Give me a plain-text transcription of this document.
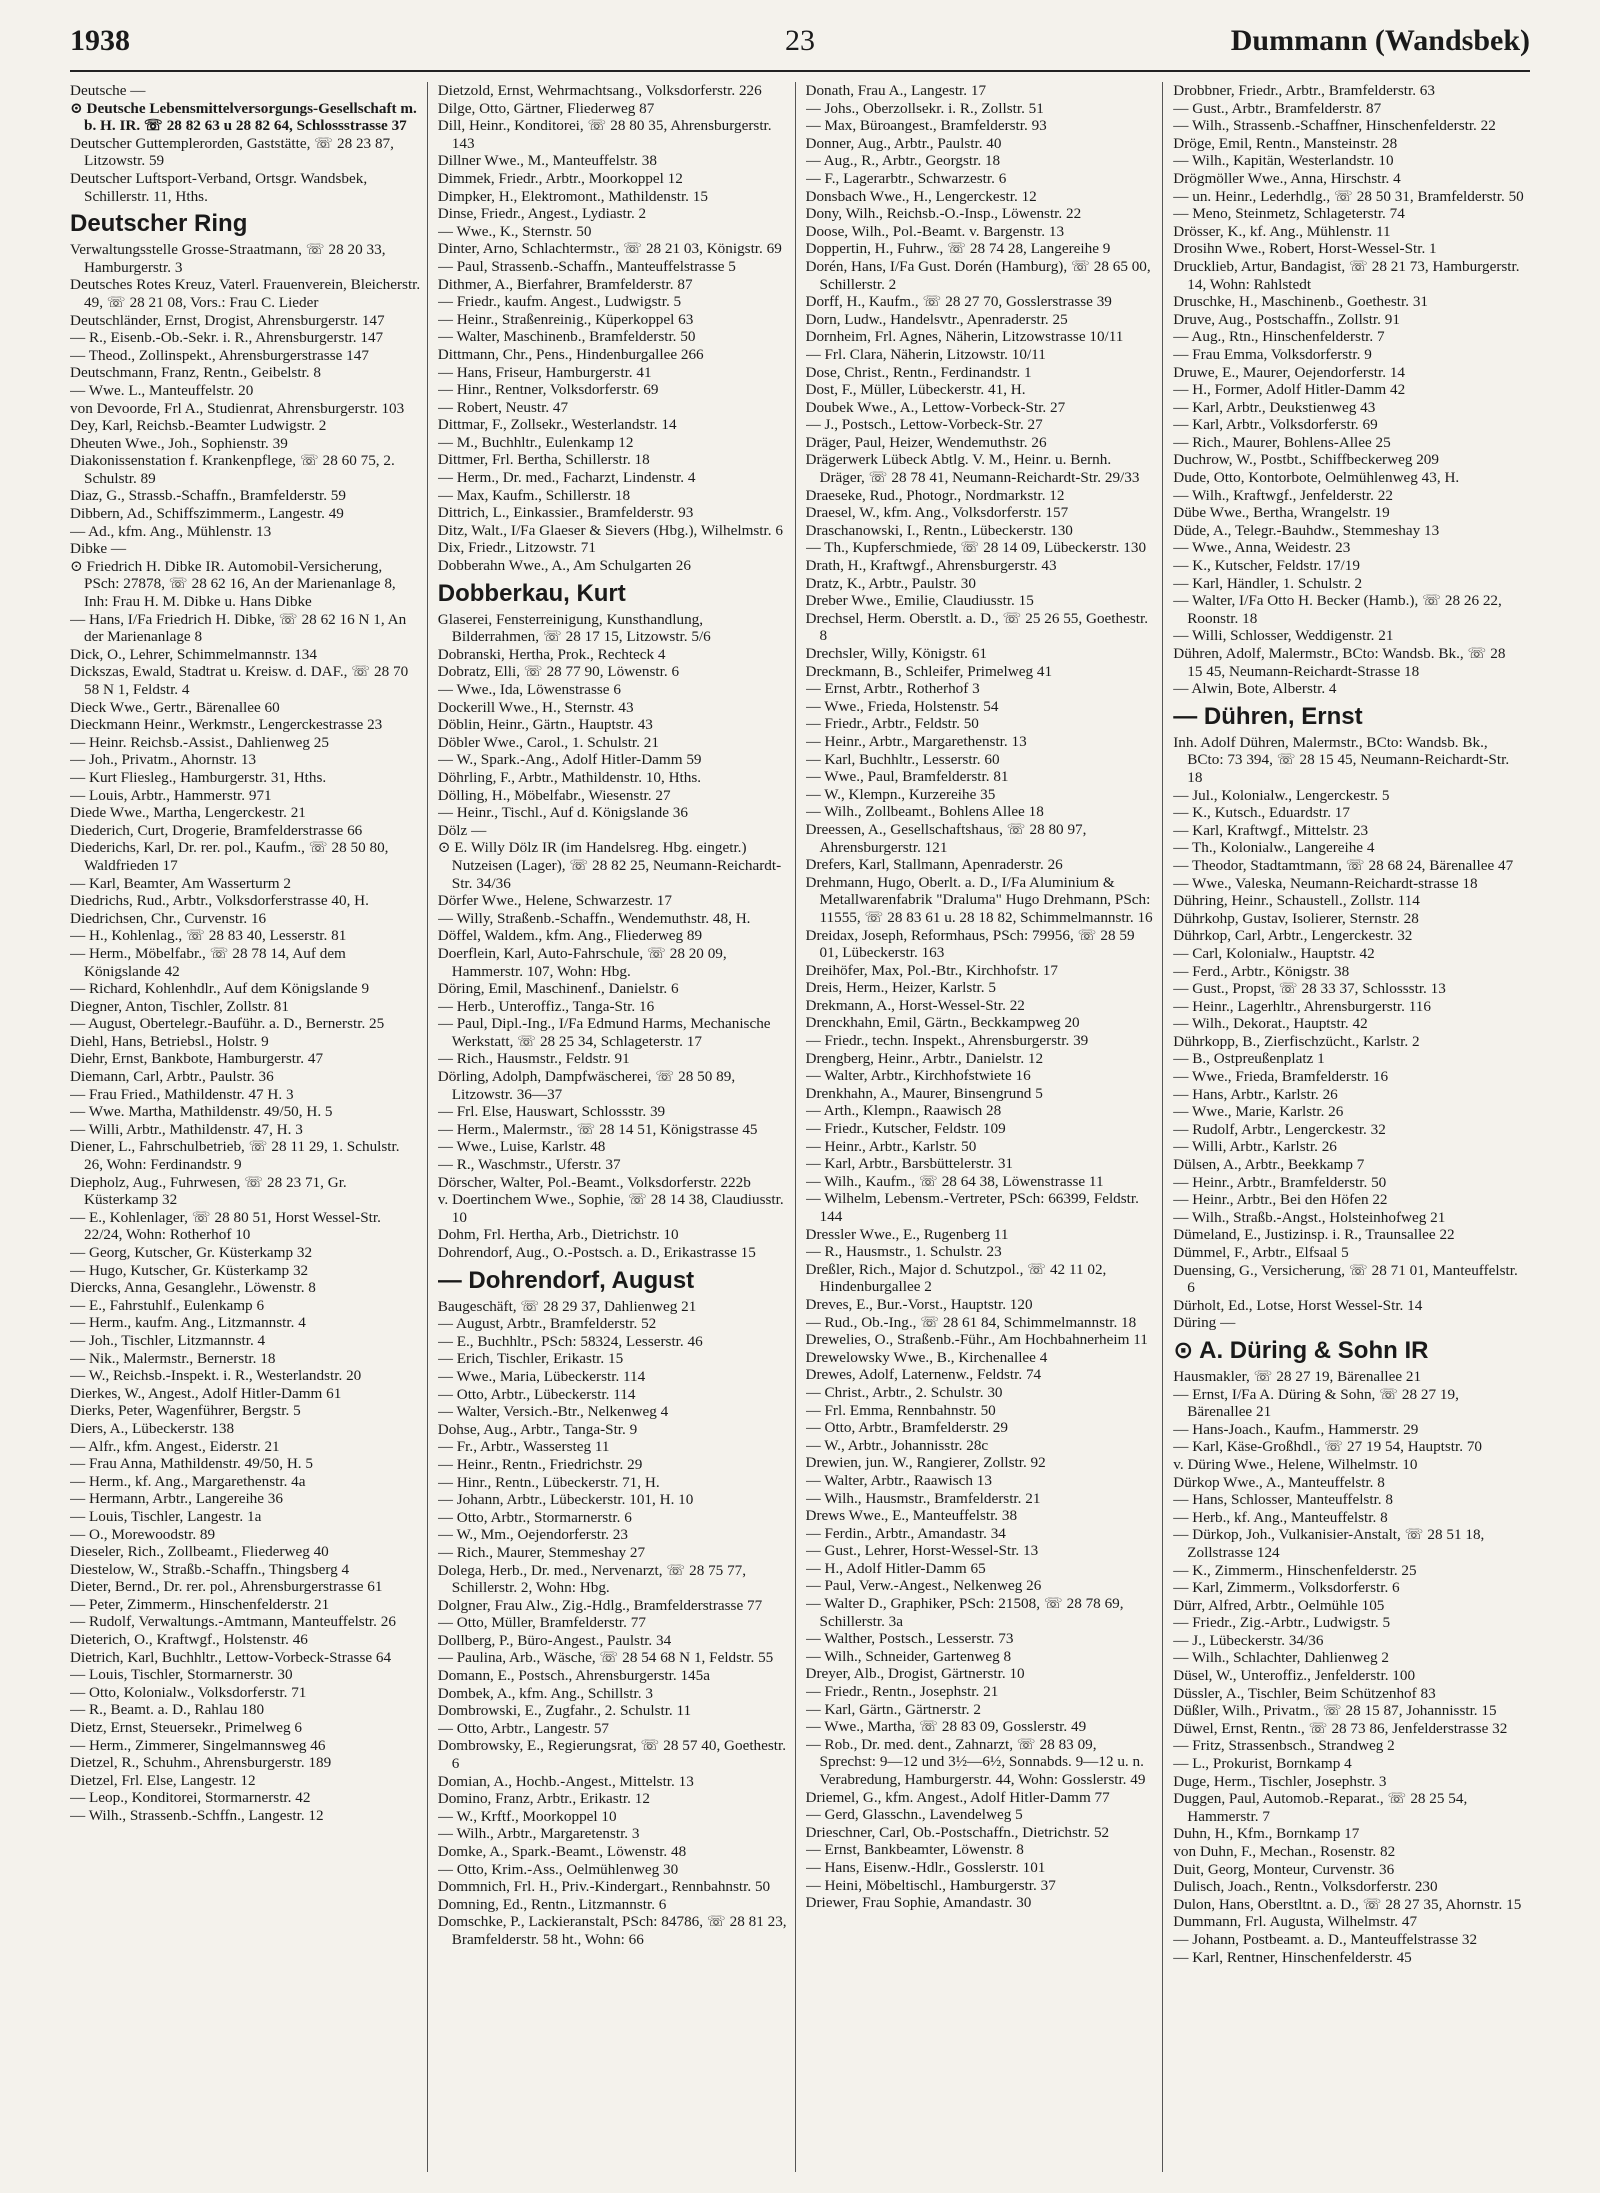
1938	23	Dummann (Wandsbek)
Deutsche —
⊙ Deutsche Lebensmittelversorgungs-Gesellschaft m. b. H. IR. ☏ 28 82 63 u 28 82 64, Schlossstrasse 37
Deutscher Guttemplerorden, Gaststätte, ☏ 28 23 87, Litzowstr. 59
Deutscher Luftsport-Verband, Ortsgr. Wandsbek, Schillerstr. 11, Hths.
Deutscher Ring
Verwaltungsstelle Grosse-Straatmann, ☏ 28 20 33, Hamburgerstr. 3
Deutsches Rotes Kreuz, Vaterl. Frauenverein, Bleicherstr. 49, ☏ 28 21 08, Vors.: Frau C. Lieder
Deutschländer, Ernst, Drogist, Ahrensburgerstr. 147
— R., Eisenb.-Ob.-Sekr. i. R., Ahrensburgerstr. 147
— Theod., Zollinspekt., Ahrensburgerstrasse 147
Deutschmann, Franz, Rentn., Geibelstr. 8
— Wwe. L., Manteuffelstr. 20
von Devoorde, Frl A., Studienrat, Ahrensburgerstr. 103
Dey, Karl, Reichsb.-Beamter Ludwigstr. 2
Dheuten Wwe., Joh., Sophienstr. 39
Diakonissenstation f. Krankenpflege, ☏ 28 60 75, 2. Schulstr. 89
Diaz, G., Strassb.-Schaffn., Bramfelderstr. 59
Dibbern, Ad., Schiffszimmerm., Langestr. 49
— Ad., kfm. Ang., Mühlenstr. 13
Dibke —
⊙ Friedrich H. Dibke IR. Automobil-Versicherung, PSch: 27878, ☏ 28 62 16, An der Marienanlage 8, Inh: Frau H. M. Dibke u. Hans Dibke
— Hans, I/Fa Friedrich H. Dibke, ☏ 28 62 16 N 1, An der Marienanlage 8
Dick, O., Lehrer, Schimmelmannstr. 134
Dickszas, Ewald, Stadtrat u. Kreisw. d. DAF., ☏ 28 70 58 N 1, Feldstr. 4
Dieck Wwe., Gertr., Bärenallee 60
Dieckmann Heinr., Werkmstr., Lengerckestrasse 23
— Heinr. Reichsb.-Assist., Dahlienweg 25
— Joh., Privatm., Ahornstr. 13
— Kurt Fliesleg., Hamburgerstr. 31, Hths.
— Louis, Arbtr., Hammerstr. 971
Diede Wwe., Martha, Lengerckestr. 21
Diederich, Curt, Drogerie, Bramfelderstrasse 66
Diederichs, Karl, Dr. rer. pol., Kaufm., ☏ 28 50 80, Waldfrieden 17
— Karl, Beamter, Am Wasserturm 2
Diedrichs, Rud., Arbtr., Volksdorferstrasse 40, H.
Diedrichsen, Chr., Curvenstr. 16
— H., Kohlenlag., ☏ 28 83 40, Lesserstr. 81
— Herm., Möbelfabr., ☏ 28 78 14, Auf dem Königslande 42
— Richard, Kohlenhdlr., Auf dem Königslande 9
Diegner, Anton, Tischler, Zollstr. 81
— August, Obertelegr.-Bauführ. a. D., Bernerstr. 25
Diehl, Hans, Betriebsl., Holstr. 9
Diehr, Ernst, Bankbote, Hamburgerstr. 47
Diemann, Carl, Arbtr., Paulstr. 36
— Frau Fried., Mathildenstr. 47 H. 3
— Wwe. Martha, Mathildenstr. 49/50, H. 5
— Willi, Arbtr., Mathildenstr. 47, H. 3
Diener, L., Fahrschulbetrieb, ☏ 28 11 29, 1. Schulstr. 26, Wohn: Ferdinandstr. 9
Diepholz, Aug., Fuhrwesen, ☏ 28 23 71, Gr. Küsterkamp 32
— E., Kohlenlager, ☏ 28 80 51, Horst Wessel-Str. 22/24, Wohn: Rotherhof 10
— Georg, Kutscher, Gr. Küsterkamp 32
— Hugo, Kutscher, Gr. Küsterkamp 32
Diercks, Anna, Gesanglehr., Löwenstr. 8
— E., Fahrstuhlf., Eulenkamp 6
— Herm., kaufm. Ang., Litzmannstr. 4
— Joh., Tischler, Litzmannstr. 4
— Nik., Malermstr., Bernerstr. 18
— W., Reichsb.-Inspekt. i. R., Westerlandstr. 20
Dierkes, W., Angest., Adolf Hitler-Damm 61
Dierks, Peter, Wagenführer, Bergstr. 5
Diers, A., Lübeckerstr. 138
— Alfr., kfm. Angest., Eiderstr. 21
— Frau Anna, Mathildenstr. 49/50, H. 5
— Herm., kf. Ang., Margarethenstr. 4a
— Hermann, Arbtr., Langereihe 36
— Louis, Tischler, Langestr. 1a
— O., Morewoodstr. 89
Dieseler, Rich., Zollbeamt., Fliederweg 40
Diestelow, W., Straßb.-Schaffn., Thingsberg 4
Dieter, Bernd., Dr. rer. pol., Ahrensburgerstrasse 61
— Peter, Zimmerm., Hinschenfelderstr. 21
— Rudolf, Verwaltungs.-Amtmann, Manteuffelstr. 26
Dieterich, O., Kraftwgf., Holstenstr. 46
Dietrich, Karl, Buchhltr., Lettow-Vorbeck-Strasse 64
— Louis, Tischler, Stormarnerstr. 30
— Otto, Kolonialw., Volksdorferstr. 71
— R., Beamt. a. D., Rahlau 180
Dietz, Ernst, Steuersekr., Primelweg 6
— Herm., Zimmerer, Singelmannsweg 46
Dietzel, R., Schuhm., Ahrensburgerstr. 189
Dietzel, Frl. Else, Langestr. 12
— Leop., Konditorei, Stormarnerstr. 42
— Wilh., Strassenb.-Schffn., Langestr. 12
Dietzold, Ernst, Wehrmachtsang., Volksdorferstr. 226
Dilge, Otto, Gärtner, Fliederweg 87
Dill, Heinr., Konditorei, ☏ 28 80 35, Ahrensburgerstr. 143
Dillner Wwe., M., Manteuffelstr. 38
Dimmek, Friedr., Arbtr., Moorkoppel 12
Dimpker, H., Elektromont., Mathildenstr. 15
Dinse, Friedr., Angest., Lydiastr. 2
— Wwe., K., Sternstr. 50
Dinter, Arno, Schlachtermstr., ☏ 28 21 03, Königstr. 69
— Paul, Strassenb.-Schaffn., Manteuffelstrasse 5
Dithmer, A., Bierfahrer, Bramfelderstr. 87
— Friedr., kaufm. Angest., Ludwigstr. 5
— Heinr., Straßenreinig., Küperkoppel 63
— Walter, Maschinenb., Bramfelderstr. 50
Dittmann, Chr., Pens., Hindenburgallee 266
— Hans, Friseur, Hamburgerstr. 41
— Hinr., Rentner, Volksdorferstr. 69
— Robert, Neustr. 47
Dittmar, F., Zollsekr., Westerlandstr. 14
— M., Buchhltr., Eulenkamp 12
Dittmer, Frl. Bertha, Schillerstr. 18
— Herm., Dr. med., Facharzt, Lindenstr. 4
— Max, Kaufm., Schillerstr. 18
Dittrich, L., Einkassier., Bramfelderstr. 93
Ditz, Walt., I/Fa Glaeser & Sievers (Hbg.), Wilhelmstr. 6
Dix, Friedr., Litzowstr. 71
Dobberahn Wwe., A., Am Schulgarten 26
Dobberkau, Kurt
Glaserei, Fensterreinigung, Kunsthandlung, Bilderrahmen, ☏ 28 17 15, Litzowstr. 5/6
Dobranski, Hertha, Prok., Rechteck 4
Dobratz, Elli, ☏ 28 77 90, Löwenstr. 6
— Wwe., Ida, Löwenstrasse 6
Dockerill Wwe., H., Sternstr. 43
Döblin, Heinr., Gärtn., Hauptstr. 43
Döbler Wwe., Carol., 1. Schulstr. 21
— W., Spark.-Ang., Adolf Hitler-Damm 59
Döhrling, F., Arbtr., Mathildenstr. 10, Hths.
Dölling, H., Möbelfabr., Wiesenstr. 27
— Heinr., Tischl., Auf d. Königslande 36
Dölz —
⊙ E. Willy Dölz IR (im Handelsreg. Hbg. eingetr.) Nutzeisen (Lager), ☏ 28 82 25, Neumann-Reichardt-Str. 34/36
Dörfer Wwe., Helene, Schwarzestr. 17
— Willy, Straßenb.-Schaffn., Wendemuthstr. 48, H.
Döffel, Waldem., kfm. Ang., Fliederweg 89
Doerflein, Karl, Auto-Fahrschule, ☏ 28 20 09, Hammerstr. 107, Wohn: Hbg.
Döring, Emil, Maschinenf., Danielstr. 6
— Herb., Unteroffiz., Tanga-Str. 16
— Paul, Dipl.-Ing., I/Fa Edmund Harms, Mechanische Werkstatt, ☏ 28 25 34, Schlageterstr. 17
— Rich., Hausmstr., Feldstr. 91
Dörling, Adolph, Dampfwäscherei, ☏ 28 50 89, Litzowstr. 36—37
— Frl. Else, Hauswart, Schlossstr. 39
— Herm., Malermstr., ☏ 28 14 51, Königstrasse 45
— Wwe., Luise, Karlstr. 48
— R., Waschmstr., Uferstr. 37
Dörscher, Walter, Pol.-Beamt., Volksdorferstr. 222b
v. Doertinchem Wwe., Sophie, ☏ 28 14 38, Claudiusstr. 10
Dohm, Frl. Hertha, Arb., Dietrichstr. 10
Dohrendorf, Aug., O.-Postsch. a. D., Erikastrasse 15
— Dohrendorf, August
Baugeschäft, ☏ 28 29 37, Dahlienweg 21
— August, Arbtr., Bramfelderstr. 52
— E., Buchhltr., PSch: 58324, Lesserstr. 46
— Erich, Tischler, Erikastr. 15
— Wwe., Maria, Lübeckerstr. 114
— Otto, Arbtr., Lübeckerstr. 114
— Walter, Versich.-Btr., Nelkenweg 4
Dohse, Aug., Arbtr., Tanga-Str. 9
— Fr., Arbtr., Wassersteg 11
— Heinr., Rentn., Friedrichstr. 29
— Hinr., Rentn., Lübeckerstr. 71, H.
— Johann, Arbtr., Lübeckerstr. 101, H. 10
— Otto, Arbtr., Stormarnerstr. 6
— W., Mm., Oejendorferstr. 23
— Rich., Maurer, Stemmeshay 27
Dolega, Herb., Dr. med., Nervenarzt, ☏ 28 75 77, Schillerstr. 2, Wohn: Hbg.
Dolgner, Frau Alw., Zig.-Hdlg., Bramfelderstrasse 77
— Otto, Müller, Bramfelderstr. 77
Dollberg, P., Büro-Angest., Paulstr. 34
— Paulina, Arb., Wäsche, ☏ 28 54 68 N 1, Feldstr. 55
Domann, E., Postsch., Ahrensburgerstr. 145a
Dombek, A., kfm. Ang., Schillstr. 3
Dombrowski, E., Zugfahr., 2. Schulstr. 11
— Otto, Arbtr., Langestr. 57
Dombrowsky, E., Regierungsrat, ☏ 28 57 40, Goethestr. 6
Domian, A., Hochb.-Angest., Mittelstr. 13
Domino, Franz, Arbtr., Erikastr. 12
— W., Krftf., Moorkoppel 10
— Wilh., Arbtr., Margaretenstr. 3
Domke, A., Spark.-Beamt., Löwenstr. 48
— Otto, Krim.-Ass., Oelmühlenweg 30
Dommnich, Frl. H., Priv.-Kindergart., Rennbahnstr. 50
Domning, Ed., Rentn., Litzmannstr. 6
Domschke, P., Lackieranstalt, PSch: 84786, ☏ 28 81 23, Bramfelderstr. 58 ht., Wohn: 66
Donath, Frau A., Langestr. 17
— Johs., Oberzollsekr. i. R., Zollstr. 51
— Max, Büroangest., Bramfelderstr. 93
Donner, Aug., Arbtr., Paulstr. 40
— Aug., R., Arbtr., Georgstr. 18
— F., Lagerarbtr., Schwarzestr. 6
Donsbach Wwe., H., Lengerckestr. 12
Dony, Wilh., Reichsb.-O.-Insp., Löwenstr. 22
Doose, Wilh., Pol.-Beamt. v. Bargenstr. 13
Doppertin, H., Fuhrw., ☏ 28 74 28, Langereihe 9
Dorén, Hans, I/Fa Gust. Dorén (Hamburg), ☏ 28 65 00, Schillerstr. 2
Dorff, H., Kaufm., ☏ 28 27 70, Gosslerstrasse 39
Dorn, Ludw., Handelsvtr., Apenraderstr. 25
Dornheim, Frl. Agnes, Näherin, Litzowstrasse 10/11
— Frl. Clara, Näherin, Litzowstr. 10/11
Dose, Christ., Rentn., Ferdinandstr. 1
Dost, F., Müller, Lübeckerstr. 41, H.
Doubek Wwe., A., Lettow-Vorbeck-Str. 27
— J., Postsch., Lettow-Vorbeck-Str. 27
Dräger, Paul, Heizer, Wendemuthstr. 26
Drägerwerk Lübeck Abtlg. V. M., Heinr. u. Bernh. Dräger, ☏ 28 78 41, Neumann-Reichardt-Str. 29/33
Draeseke, Rud., Photogr., Nordmarkstr. 12
Draesel, W., kfm. Ang., Volksdorferstr. 157
Draschanowski, I., Rentn., Lübeckerstr. 130
— Th., Kupferschmiede, ☏ 28 14 09, Lübeckerstr. 130
Drath, H., Kraftwgf., Ahrensburgerstr. 43
Dratz, K., Arbtr., Paulstr. 30
Dreber Wwe., Emilie, Claudiusstr. 15
Drechsel, Herm. Oberstlt. a. D., ☏ 25 26 55, Goethestr. 8
Drechsler, Willy, Königstr. 61
Dreckmann, B., Schleifer, Primelweg 41
— Ernst, Arbtr., Rotherhof 3
— Wwe., Frieda, Holstenstr. 54
— Friedr., Arbtr., Feldstr. 50
— Heinr., Arbtr., Margarethenstr. 13
— Karl, Buchhltr., Lesserstr. 60
— Wwe., Paul, Bramfelderstr. 81
— W., Klempn., Kurzereihe 35
— Wilh., Zollbeamt., Bohlens Allee 18
Dreessen, A., Gesellschaftshaus, ☏ 28 80 97, Ahrensburgerstr. 121
Drefers, Karl, Stallmann, Apenraderstr. 26
Drehmann, Hugo, Oberlt. a. D., I/Fa Aluminium & Metallwarenfabrik "Draluma" Hugo Drehmann, PSch: 11555, ☏ 28 83 61 u. 28 18 82, Schimmelmannstr. 16
Dreidax, Joseph, Reformhaus, PSch: 79956, ☏ 28 59 01, Lübeckerstr. 163
Dreihöfer, Max, Pol.-Btr., Kirchhofstr. 17
Dreis, Herm., Heizer, Karlstr. 5
Drekmann, A., Horst-Wessel-Str. 22
Drenckhahn, Emil, Gärtn., Beckkampweg 20
— Friedr., techn. Inspekt., Ahrensburgerstr. 39
Drengberg, Heinr., Arbtr., Danielstr. 12
— Walter, Arbtr., Kirchhofstwiete 16
Drenkhahn, A., Maurer, Binsengrund 5
— Arth., Klempn., Raawisch 28
— Friedr., Kutscher, Feldstr. 109
— Heinr., Arbtr., Karlstr. 50
— Karl, Arbtr., Barsbüttelerstr. 31
— Wilh., Kaufm., ☏ 28 64 38, Löwenstrasse 11
— Wilhelm, Lebensm.-Vertreter, PSch: 66399, Feldstr. 144
Dressler Wwe., E., Rugenberg 11
— R., Hausmstr., 1. Schulstr. 23
Dreßler, Rich., Major d. Schutzpol., ☏ 42 11 02, Hindenburgallee 2
Dreves, E., Bur.-Vorst., Hauptstr. 120
— Rud., Ob.-Ing., ☏ 28 61 84, Schimmelmannstr. 18
Drewelies, O., Straßenb.-Führ., Am Hochbahnerheim 11
Drewelowsky Wwe., B., Kirchenallee 4
Drewes, Adolf, Laternenw., Feldstr. 74
— Christ., Arbtr., 2. Schulstr. 30
— Frl. Emma, Rennbahnstr. 50
— Otto, Arbtr., Bramfelderstr. 29
— W., Arbtr., Johannisstr. 28c
Drewien, jun. W., Rangierer, Zollstr. 92
— Walter, Arbtr., Raawisch 13
— Wilh., Hausmstr., Bramfelderstr. 21
Drews Wwe., E., Manteuffelstr. 38
— Ferdin., Arbtr., Amandastr. 34
— Gust., Lehrer, Horst-Wessel-Str. 13
— H., Adolf Hitler-Damm 65
— Paul, Verw.-Angest., Nelkenweg 26
— Walter D., Graphiker, PSch: 21508, ☏ 28 78 69, Schillerstr. 3a
— Walther, Postsch., Lesserstr. 73
— Wilh., Schneider, Gartenweg 8
Dreyer, Alb., Drogist, Gärtnerstr. 10
— Friedr., Rentn., Josephstr. 21
— Karl, Gärtn., Gärtnerstr. 2
— Wwe., Martha, ☏ 28 83 09, Gosslerstr. 49
— Rob., Dr. med. dent., Zahnarzt, ☏ 28 83 09, Sprechst: 9—12 und 3½—6½, Sonnabds. 9—12 u. n. Verabredung, Hamburgerstr. 44, Wohn: Gosslerstr. 49
Driemel, G., kfm. Angest., Adolf Hitler-Damm 77
— Gerd, Glasschn., Lavendelweg 5
Drieschner, Carl, Ob.-Postschaffn., Dietrichstr. 52
— Ernst, Bankbeamter, Löwenstr. 8
— Hans, Eisenw.-Hdlr., Gosslerstr. 101
— Heini, Möbeltischl., Hamburgerstr. 37
Driewer, Frau Sophie, Amandastr. 30
Drobbner, Friedr., Arbtr., Bramfelderstr. 63
— Gust., Arbtr., Bramfelderstr. 87
— Wilh., Strassenb.-Schaffner, Hinschenfelderstr. 22
Dröge, Emil, Rentn., Mansteinstr. 28
— Wilh., Kapitän, Westerlandstr. 10
Drögmöller Wwe., Anna, Hirschstr. 4
— un. Heinr., Lederhdlg., ☏ 28 50 31, Bramfelderstr. 50
— Meno, Steinmetz, Schlageterstr. 74
Drösser, K., kf. Ang., Mühlenstr. 11
Drosihn Wwe., Robert, Horst-Wessel-Str. 1
Drucklieb, Artur, Bandagist, ☏ 28 21 73, Hamburgerstr. 14, Wohn: Rahlstedt
Druschke, H., Maschinenb., Goethestr. 31
Druve, Aug., Postschaffn., Zollstr. 91
— Aug., Rtn., Hinschenfelderstr. 7
— Frau Emma, Volksdorferstr. 9
Druwe, E., Maurer, Oejendorferstr. 14
— H., Former, Adolf Hitler-Damm 42
— Karl, Arbtr., Deukstienweg 43
— Karl, Arbtr., Volksdorferstr. 69
— Rich., Maurer, Bohlens-Allee 25
Duchrow, W., Postbt., Schiffbeckerweg 209
Dude, Otto, Kontorbote, Oelmühlenweg 43, H.
— Wilh., Kraftwgf., Jenfelderstr. 22
Dübe Wwe., Bertha, Wrangelstr. 19
Düde, A., Telegr.-Bauhdw., Stemmeshay 13
— Wwe., Anna, Weidestr. 23
— K., Kutscher, Feldstr. 17/19
— Karl, Händler, 1. Schulstr. 2
— Walter, I/Fa Otto H. Becker (Hamb.), ☏ 28 26 22, Roonstr. 18
— Willi, Schlosser, Weddigenstr. 21
Dühren, Adolf, Malermstr., BCto: Wandsb. Bk., ☏ 28 15 45, Neumann-Reichardt-Strasse 18
— Alwin, Bote, Alberstr. 4
— Dühren, Ernst
Inh. Adolf Dühren, Malermstr., BCto: Wandsb. Bk., BCto: 73 394, ☏ 28 15 45, Neumann-Reichardt-Str. 18
— Jul., Kolonialw., Lengerckestr. 5
— K., Kutsch., Eduardstr. 17
— Karl, Kraftwgf., Mittelstr. 23
— Th., Kolonialw., Langereihe 4
— Theodor, Stadtamtmann, ☏ 28 68 24, Bärenallee 47
— Wwe., Valeska, Neumann-Reichardt-strasse 18
Dühring, Heinr., Schaustell., Zollstr. 114
Dührkohp, Gustav, Isolierer, Sternstr. 28
Dührkop, Carl, Arbtr., Lengerckestr. 32
— Carl, Kolonialw., Hauptstr. 42
— Ferd., Arbtr., Königstr. 38
— Gust., Propst, ☏ 28 33 37, Schlossstr. 13
— Heinr., Lagerhltr., Ahrensburgerstr. 116
— Wilh., Dekorat., Hauptstr. 42
Dührkopp, B., Zierfischzücht., Karlstr. 2
— B., Ostpreußenplatz 1
— Wwe., Frieda, Bramfelderstr. 16
— Hans, Arbtr., Karlstr. 26
— Wwe., Marie, Karlstr. 26
— Rudolf, Arbtr., Lengerckestr. 32
— Willi, Arbtr., Karlstr. 26
Dülsen, A., Arbtr., Beekkamp 7
— Heinr., Arbtr., Bramfelderstr. 50
— Heinr., Arbtr., Bei den Höfen 22
— Wilh., Straßb.-Angst., Holsteinhofweg 21
Dümeland, E., Justizinsp. i. R., Traunsallee 22
Dümmel, F., Arbtr., Elfsaal 5
Duensing, G., Versicherung, ☏ 28 71 01, Manteuffelstr. 6
Dürholt, Ed., Lotse, Horst Wessel-Str. 14
Düring —
⊙ A. Düring & Sohn IR
Hausmakler, ☏ 28 27 19, Bärenallee 21
— Ernst, I/Fa A. Düring & Sohn, ☏ 28 27 19, Bärenallee 21
— Hans-Joach., Kaufm., Hammerstr. 29
— Karl, Käse-Großhdl., ☏ 27 19 54, Hauptstr. 70
v. Düring Wwe., Helene, Wilhelmstr. 10
Dürkop Wwe., A., Manteuffelstr. 8
— Hans, Schlosser, Manteuffelstr. 8
— Herb., kf. Ang., Manteuffelstr. 8
— Dürkop, Joh., Vulkanisier-Anstalt, ☏ 28 51 18, Zollstrasse 124
— K., Zimmerm., Hinschenfelderstr. 25
— Karl, Zimmerm., Volksdorferstr. 6
Dürr, Alfred, Arbtr., Oelmühle 105
— Friedr., Zig.-Arbtr., Ludwigstr. 5
— J., Lübeckerstr. 34/36
— Wilh., Schlachter, Dahlienweg 2
Düsel, W., Unteroffiz., Jenfelderstr. 100
Düssler, A., Tischler, Beim Schützenhof 83
Düßler, Wilh., Privatm., ☏ 28 15 87, Johannisstr. 15
Düwel, Ernst, Rentn., ☏ 28 73 86, Jenfelderstrasse 32
— Fritz, Strassenbsch., Strandweg 2
— L., Prokurist, Bornkamp 4
Duge, Herm., Tischler, Josephstr. 3
Duggen, Paul, Automob.-Reparat., ☏ 28 25 54, Hammerstr. 7
Duhn, H., Kfm., Bornkamp 17
von Duhn, F., Mechan., Rosenstr. 82
Duit, Georg, Monteur, Curvenstr. 36
Dulisch, Joach., Rentn., Volksdorferstr. 230
Dulon, Hans, Oberstltnt. a. D., ☏ 28 27 35, Ahornstr. 15
Dummann, Frl. Augusta, Wilhelmstr. 47
— Johann, Postbeamt. a. D., Manteuffelstrasse 32
— Karl, Rentner, Hinschenfelderstr. 45
